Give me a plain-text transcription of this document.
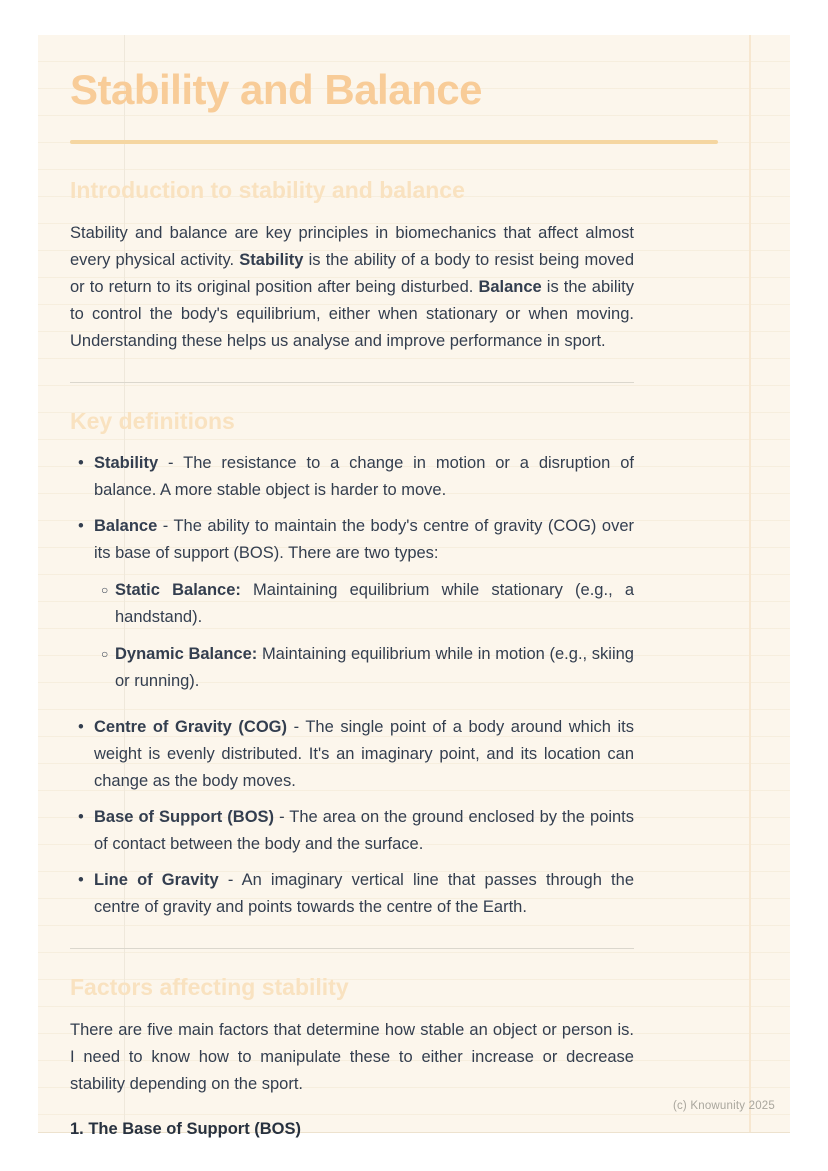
Stability and Balance
Introduction to stability and balance

Stability and balance are key principles in biomechanics that affect almost every physical activity. Stability is the ability of a body to resist being moved or to return to its original position after being disturbed. Balance is the ability to control the body's equilibrium, either when stationary or when moving. Understanding these helps us analyse and improve performance in sport.

Key definitions
• Stability - The resistance to a change in motion or a disruption of balance. A more stable object is harder to move.
• Balance - The ability to maintain the body's centre of gravity (COG) over its base of support (BOS). There are two types:
○ Static Balance: Maintaining equilibrium while stationary (e.g., a handstand).
○ Dynamic Balance: Maintaining equilibrium while in motion (e.g., skiing or running).
• Centre of Gravity (COG) - The single point of a body around which its weight is evenly distributed. It's an imaginary point, and its location can change as the body moves.
• Base of Support (BOS) - The area on the ground enclosed by the points of contact between the body and the surface.
• Line of Gravity - An imaginary vertical line that passes through the centre of gravity and points towards the centre of the Earth.
Factors affecting stability

There are five main factors that determine how stable an object or person is. I need to know how to manipulate these to either increase or decrease stability depending on the sport.

1. The Base of Support (BOS)

(c) Knowunity 2025
